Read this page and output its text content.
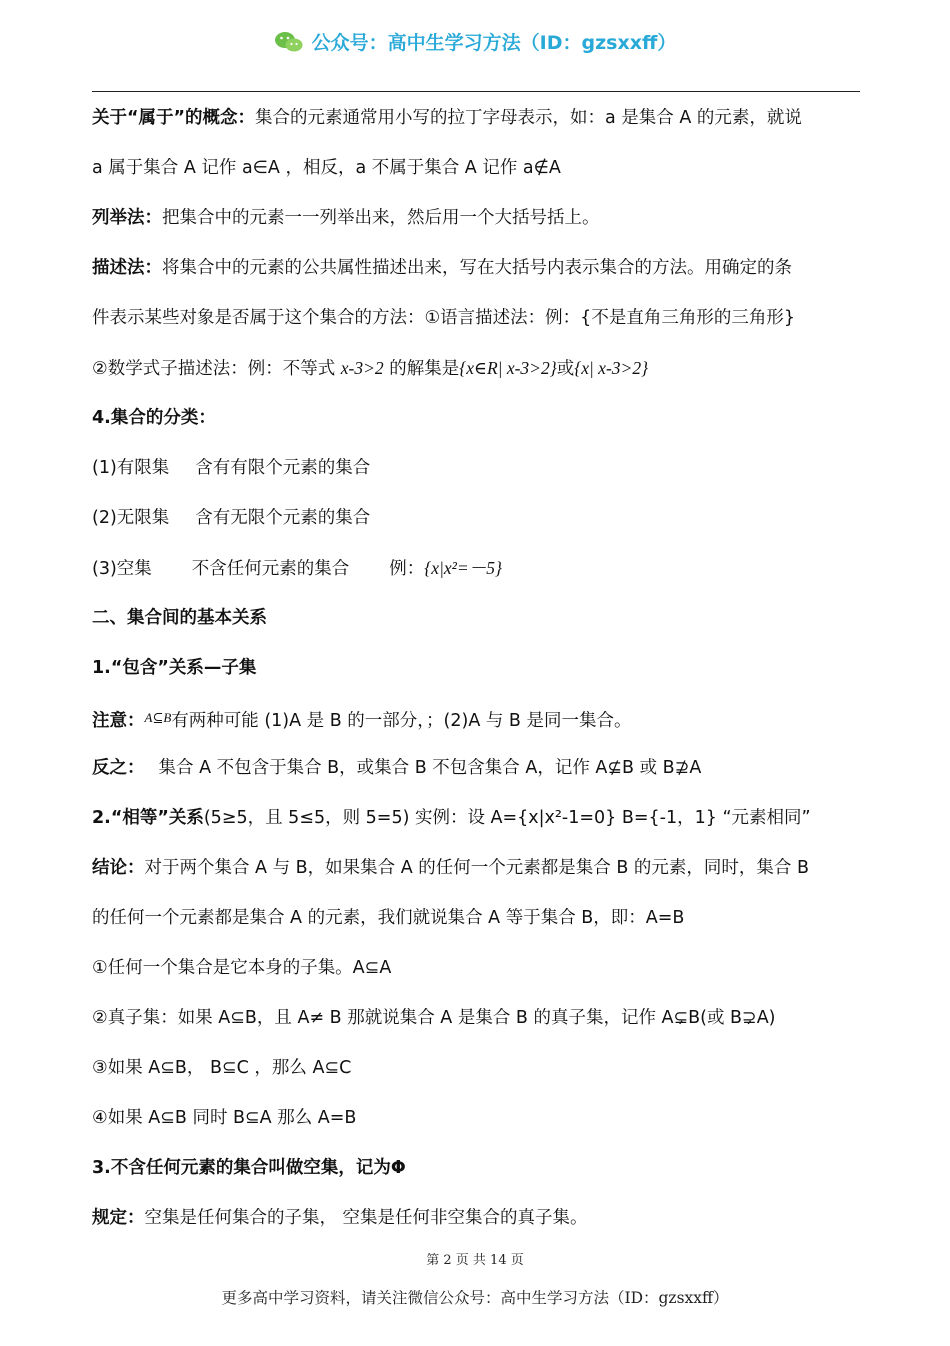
公众号：高中生学习方法（ID：gzsxxff）
关于“属于”的概念：集合的元素通常用小写的拉丁字母表示，如：a 是集合 A 的元素，就说
a 属于集合 A 记作 a∈A ，相反，a 不属于集合 A 记作 a∉A
列举法：把集合中的元素一一列举出来，然后用一个大括号括上。
描述法：将集合中的元素的公共属性描述出来，写在大括号内表示集合的方法。用确定的条
件表示某些对象是否属于这个集合的方法：①语言描述法：例：{不是直角三角形的三角形}
②数学式子描述法：例：不等式 x-3>2 的解集是{x∈R| x-3>2}或{x| x-3>2}
4.集合的分类：
(1)有限集 含有有限个元素的集合
(2)无限集 含有无限个元素的集合
(3)空集 不含任何元素的集合 例：{x|x²=－5}
二、集合间的基本关系
1.“包含”关系—子集
注意：$^{A⊆B}$有两种可能 (1)A 是 B 的一部分，；(2)A 与 B 是同一集合。
反之： 集合 A 不包含于集合 B，或集合 B 不包含集合 A，记作 A⊈B 或 B⊉A
2.“相等”关系(5≥5，且 5≤5，则 5=5) 实例：设 A={x|x²-1=0} B={-1，1} “元素相同”
结论：对于两个集合 A 与 B，如果集合 A 的任何一个元素都是集合 B 的元素，同时，集合 B
的任何一个元素都是集合 A 的元素，我们就说集合 A 等于集合 B，即：A=B
①任何一个集合是它本身的子集。A⊆A
②真子集：如果 A⊆B，且 A≠ B 那就说集合 A 是集合 B 的真子集，记作 A⊊B(或 B⊋A)
③如果 A⊆B， B⊆C ，那么 A⊆C
④如果 A⊆B 同时 B⊆A 那么 A=B
3.不含任何元素的集合叫做空集，记为Φ
规定：空集是任何集合的子集， 空集是任何非空集合的真子集。
第 2 页 共 14 页
更多高中学习资料，请关注微信公众号：高中生学习方法（ID：gzsxxff）
